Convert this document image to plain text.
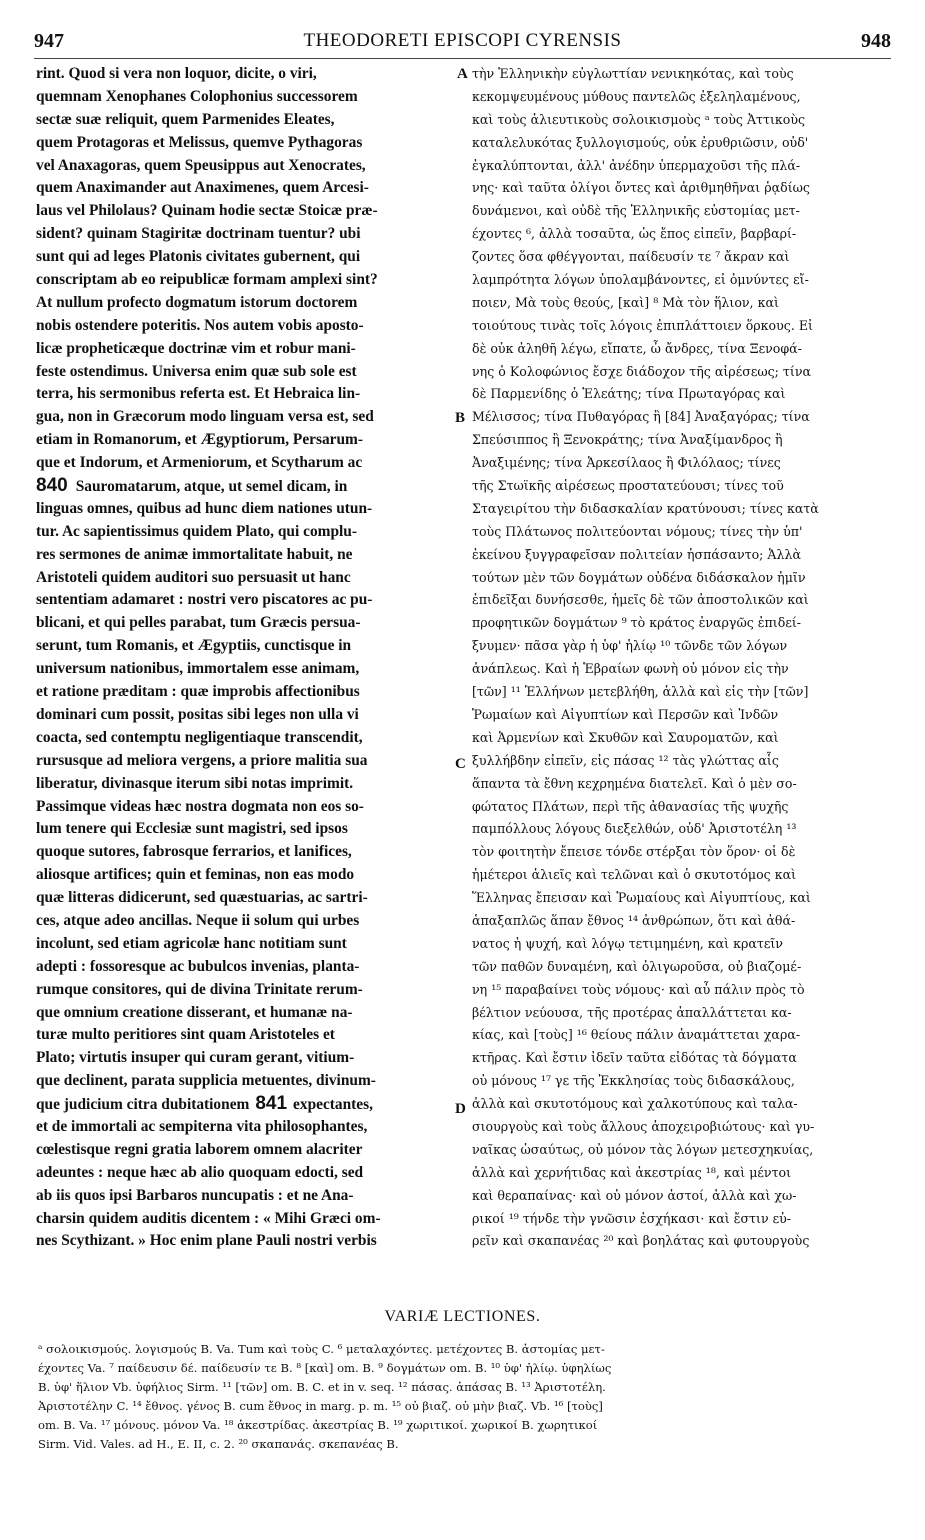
947	THEODORETI EPISCOPI CYRENSIS	948
rint. Quod si vera non loquor, dicite, o viri,
quemnam Xenophanes Colophonius successorem
sectæ suæ reliquit, quem Parmenides Eleates,
quem Protagoras et Melissus, quemve Pythagoras
vel Anaxagoras, quem Speusippus aut Xenocrates,
quem Anaximander aut Anaximenes, quem Arcesi-
laus vel Philolaus? Quinam hodie sectæ Stoicæ præ-
sident? quinam Stagiritæ doctrinam tuentur? ubi
sunt qui ad leges Platonis civitates gubernent, qui
conscriptam ab eo reipublicæ formam amplexi sint?
At nullum profecto dogmatum istorum doctorem
nobis ostendere poteritis. Nos autem vobis aposto-
licæ propheticæque doctrinæ vim et robur mani-
feste ostendimus. Universa enim quæ sub sole est
terra, his sermonibus referta est. Et Hebraica lin-
gua, non in Græcorum modo linguam versa est, sed
etiam in Romanorum, et Ægyptiorum, Persarum-
que et Indorum, et Armeniorum, et Scytharum ac
840 Sauromatarum, atque, ut semel dicam, in
linguas omnes, quibus ad hunc diem nationes utun-
tur. Ac sapientissimus quidem Plato, qui complu-
res sermones de animæ immortalitate habuit, ne
Aristoteli quidem auditori suo persuasit ut hanc
sententiam adamaret : nostri vero piscatores ac pu-
blicani, et qui pelles parabat, tum Græcis persua-
serunt, tum Romanis, et Ægyptiis, cunctisque in
universum nationibus, immortalem esse animam,
et ratione præditam : quæ improbis affectionibus
dominari cum possit, positas sibi leges non ulla vi
coacta, sed contemptu negligentiaque transcendit,
rursusque ad meliora vergens, a priore malitia sua
liberatur, divinasque iterum sibi notas imprimit.
Passimque videas hæc nostra dogmata non eos so-
lum tenere qui Ecclesiæ sunt magistri, sed ipsos
quoque sutores, fabrosque ferrarios, et lanifices,
aliosque artifices; quin et feminas, non eas modo
quæ litteras didicerunt, sed quæstuarias, ac sartri-
ces, atque adeo ancillas. Neque ii solum qui urbes
incolunt, sed etiam agricolæ hanc notitiam sunt
adepti : fossoresque ac bubulcos invenias, planta-
rumque consitores, qui de divina Trinitate rerum-
que omnium creatione disserant, et humanæ na-
turæ multo peritiores sint quam Aristoteles et
Plato; virtutis insuper qui curam gerant, vitium-
que declinent, parata supplicia metuentes, divinum-
que judicium citra dubitationem 841 expectantes,
et de immortali ac sempiterna vita philosophantes,
cœlestisque regni gratia laborem omnem alacriter
adeuntes : neque hæc ab alio quoquam edocti, sed
ab iis quos ipsi Barbaros nuncupatis : et ne Ana-
charsin quidem auditis dicentem : « Mihi Græci om-
nes Scythizant. » Hoc enim plane Pauli nostri verbis
τὴν Ἑλληνικὴν εὐγλωττίαν νενικηκότας, καὶ τοὺς
κεκομψευμένους μύθους παντελῶς ἐξεληλαμένους,
καὶ τοὺς ἁλιευτικοὺς σολοικισμοὺς ᵃ τοὺς Ἀττικοὺς
καταλελυκότας ξυλλογισμούς, οὐκ ἐρυθριῶσιν, οὐδ'
ἐγκαλύπτονται, ἀλλ' ἀνέδην ὑπερμαχοῦσι τῆς πλά-
νης· καὶ ταῦτα ὀλίγοι ὄντες καὶ ἀριθμηθῆναι ῥᾳδίως
δυνάμενοι, καὶ οὐδὲ τῆς Ἑλληνικῆς εὐστομίας μετ-
έχοντες ⁶, ἀλλὰ τοσαῦτα, ὡς ἔπος εἰπεῖν, βαρβαρί-
ζοντες ὅσα φθέγγονται, παίδευσίν τε ⁷ ἄκραν καὶ
λαμπρότητα λόγων ὑπολαμβάνοντες, εἰ ὀμνύντες εἴ-
ποιεν, Μὰ τοὺς θεούς, [καὶ] ⁸ Μὰ τὸν ἥλιον, καὶ
τοιούτους τινὰς τοῖς λόγοις ἐπιπλάττοιεν ὅρκους. Εἰ
δὲ οὐκ ἀληθῆ λέγω, εἴπατε, ὦ ἄνδρες, τίνα Ξενοφά-
νης ὁ Κολοφώνιος ἔσχε διάδοχον τῆς αἱρέσεως; τίνα
δὲ Παρμενίδης ὁ Ἐλεάτης; τίνα Πρωταγόρας καὶ
Μέλισσος; τίνα Πυθαγόρας ἢ [84] Ἀναξαγόρας; τίνα
Σπεύσιππος ἢ Ξενοκράτης; τίνα Ἀναξίμανδρος ἢ
Ἀναξιμένης; τίνα Ἀρκεσίλαος ἢ Φιλόλαος; τίνες
τῆς Στωϊκῆς αἱρέσεως προστατεύουσι; τίνες τοῦ
Σταγειρίτου τὴν διδασκαλίαν κρατύνουσι; τίνες κατὰ
τοὺς Πλάτωνος πολιτεύονται νόμους; τίνες τὴν ὑπ'
ἐκείνου ξυγγραφεῖσαν πολιτείαν ἠσπάσαντο; Ἀλλὰ
τούτων μὲν τῶν δογμάτων οὐδένα διδάσκαλον ἡμῖν
ἐπιδεῖξαι δυνήσεσθε, ἡμεῖς δὲ τῶν ἀποστολικῶν καὶ
προφητικῶν δογμάτων ⁹ τὸ κράτος ἐναργῶς ἐπιδεί-
ξνυμεν· πᾶσα γὰρ ἡ ὑφ' ἡλίῳ ¹⁰ τῶνδε τῶν λόγων
ἀνάπλεως. Καὶ ἡ Ἑβραίων φωνὴ οὐ μόνον εἰς τὴν
[τῶν] ¹¹ Ἑλλήνων μετεβλήθη, ἀλλὰ καὶ εἰς τὴν [τῶν]
Ῥωμαίων καὶ Αἰγυπτίων καὶ Περσῶν καὶ Ἰνδῶν
καὶ Ἀρμενίων καὶ Σκυθῶν καὶ Σαυροματῶν, καὶ
ξυλλήβδην εἰπεῖν, εἰς πάσας ¹² τὰς γλώττας αἷς
ἅπαντα τὰ ἔθνη κεχρημένα διατελεῖ. Καὶ ὁ μὲν σο-
φώτατος Πλάτων, περὶ τῆς ἀθανασίας τῆς ψυχῆς
παμπόλλους λόγους διεξελθών, οὐδ' Ἀριστοτέλη ¹³
τὸν φοιτητὴν ἔπεισε τόνδε στέρξαι τὸν ὅρον· οἱ δὲ
ἡμέτεροι ἁλιεῖς καὶ τελῶναι καὶ ὁ σκυτοτόμος καὶ
Ἕλληνας ἔπεισαν καὶ Ῥωμαίους καὶ Αἰγυπτίους, καὶ
ἁπαξαπλῶς ἅπαν ἔθνος ¹⁴ ἀνθρώπων, ὅτι καὶ ἀθά-
νατος ἡ ψυχή, καὶ λόγῳ τετιμημένη, καὶ κρατεῖν
τῶν παθῶν δυναμένη, καὶ ὀλιγωροῦσα, οὐ βιαζομέ-
νη ¹⁵ παραβαίνει τοὺς νόμους· καὶ αὖ πάλιν πρὸς τὸ
βέλτιον νεύουσα, τῆς προτέρας ἀπαλλάττεται κα-
κίας, καὶ [τοὺς] ¹⁶ θείους πάλιν ἀναμάττεται χαρα-
κτῆρας. Καὶ ἔστιν ἰδεῖν ταῦτα εἰδότας τὰ δόγματα
οὐ μόνους ¹⁷ γε τῆς Ἐκκλησίας τοὺς διδασκάλους,
ἀλλὰ καὶ σκυτοτόμους καὶ χαλκοτύπους καὶ ταλα-
σιουργοὺς καὶ τοὺς ἄλλους ἀποχειροβιώτους· καὶ γυ-
ναῖκας ὡσαύτως, οὐ μόνον τὰς λόγων μετεσχηκυίας,
ἀλλὰ καὶ χερνήτιδας καὶ ἀκεστρίας ¹⁸, καὶ μέντοι
καὶ θεραπαίνας· καὶ οὐ μόνον ἀστοί, ἀλλὰ καὶ χω-
ρικοί ¹⁹ τήνδε τὴν γνῶσιν ἐσχήκασι· καὶ ἔστιν εὑ-
ρεῖν καὶ σκαπανέας ²⁰ καὶ βοηλάτας καὶ φυτουργοὺς
A
B
C
D
VARIÆ LECTIONES.
ᵃ σολοικισμούς. λογισμούς B. Va. Tum καὶ τοὺς C. ⁶ μεταλαχόντες. μετέχοντες B. ἀστομίας μετ-
έχοντες Va. ⁷ παίδευσιν δέ. παίδευσίν τε B. ⁸ [καὶ] om. B. ⁹ δογμάτων om. B. ¹⁰ ὑφ' ἡλίῳ. ὑφηλίως
B. ὑφ' ἥλιον Vb. ὑφήλιος Sirm. ¹¹ [τῶν] om. B. C. et in v. seq. ¹² πάσας. ἁπάσας B. ¹³ Ἀριστοτέλη.
Ἀριστοτέλην C. ¹⁴ ἔθνος. γένος B. cum ἔθνος in marg. p. m. ¹⁵ οὐ βιαζ. οὐ μὴν βιαζ. Vb. ¹⁶ [τοὺς]
om. B. Va. ¹⁷ μόνους. μόνον Va. ¹⁸ ἀκεστρίδας. ἀκεστρίας B. ¹⁹ χωριτικοί. χωρικοί B. χωρητικοί
Sirm. Vid. Vales. ad H., E. II, c. 2. ²⁰ σκαπανάς. σκεπανέας B.
